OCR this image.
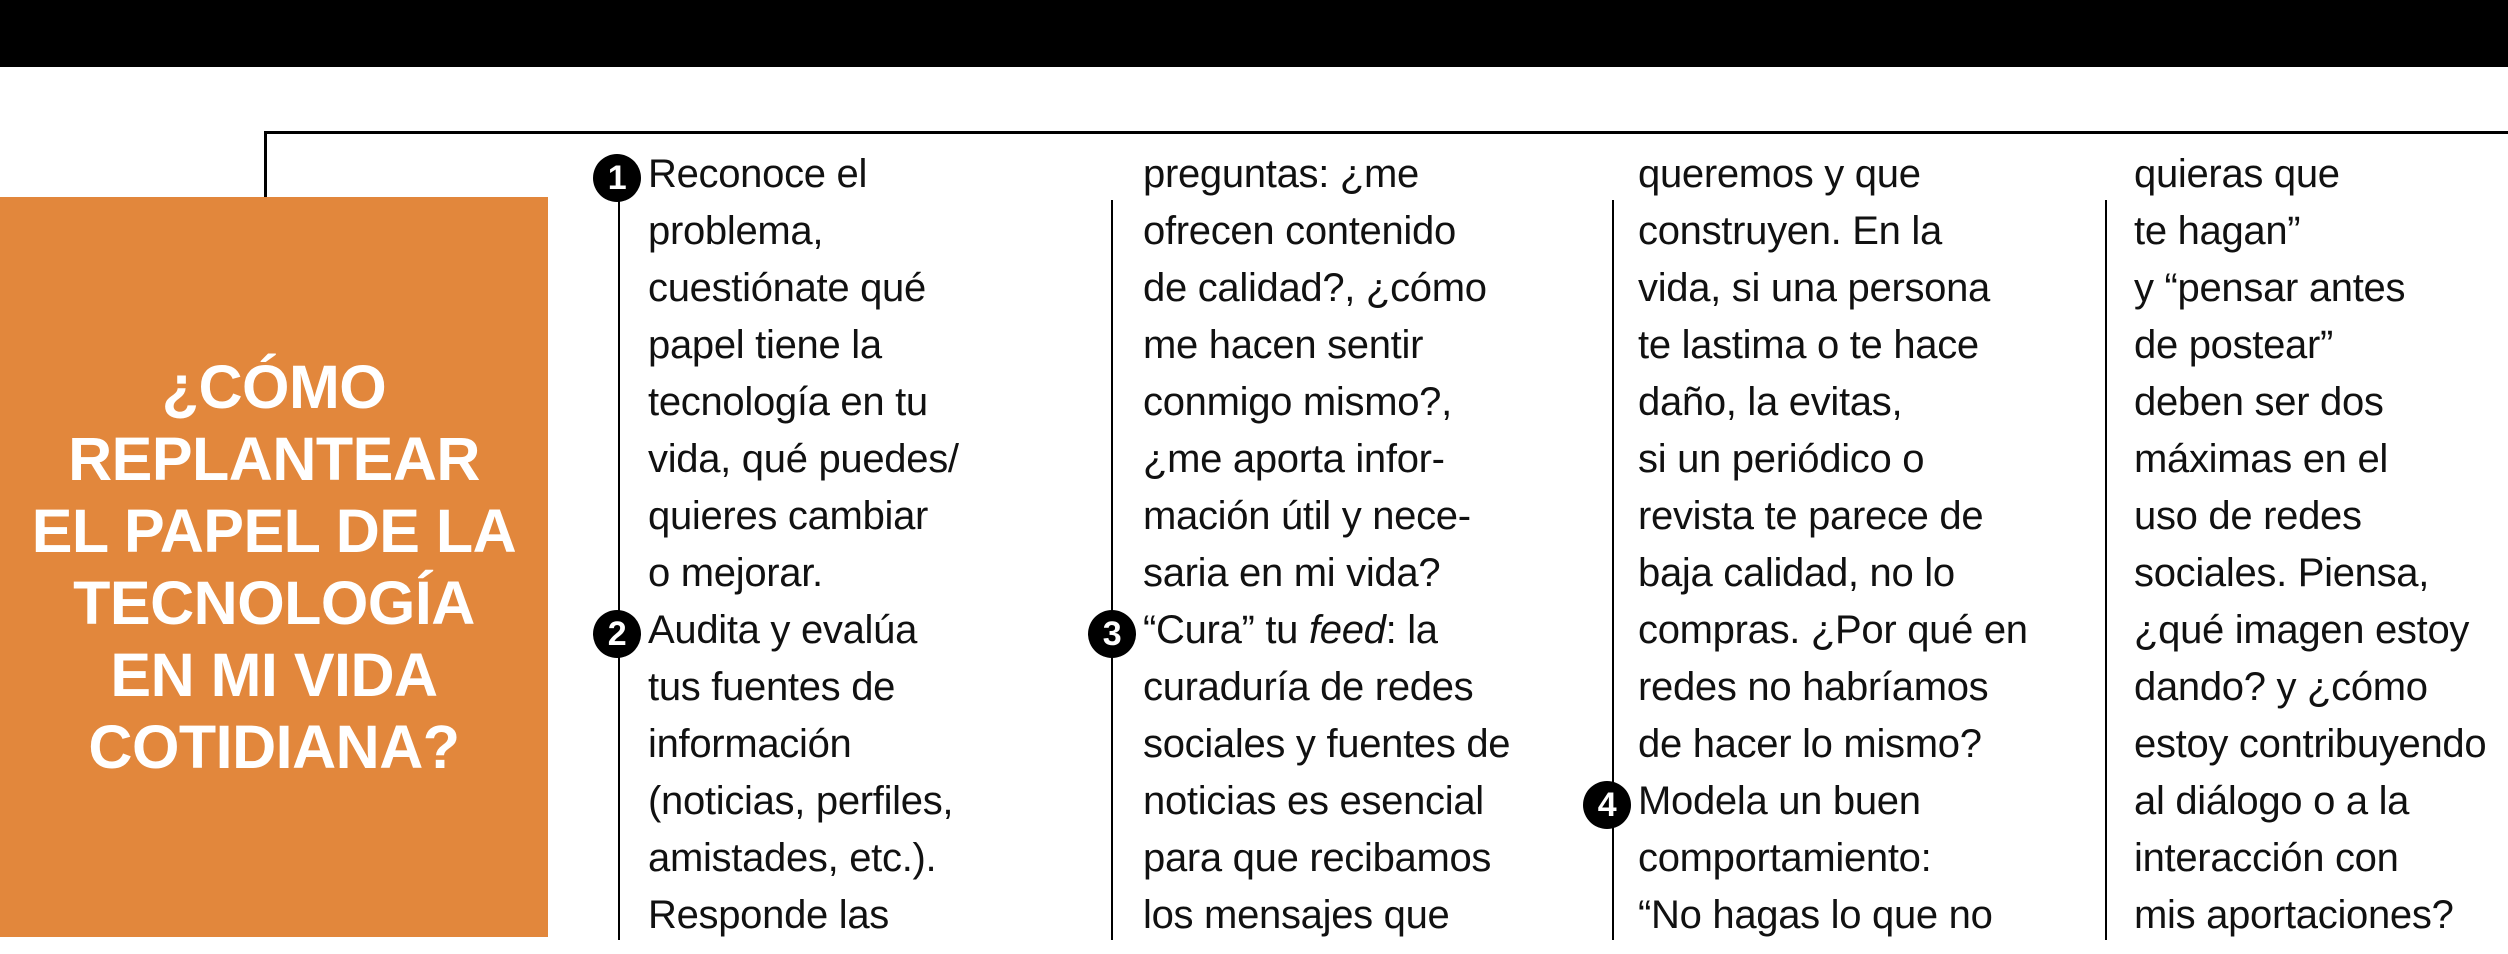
¿CÓMO
REPLANTEAR
EL PAPEL DE LA
TECNOLOGÍA
EN MI VIDA
COTIDIANA?
1 Reconoce el
problema,
cuestiónate qué
papel tiene la
tecnología en tu
vida, qué puedes/
quieres cambiar
o mejorar.
2 Audita y evalúa
tus fuentes de
información
(noticias, perfiles,
amistades, etc.).
Responde las
preguntas: ¿me
ofrecen contenido
de calidad?, ¿cómo
me hacen sentir
conmigo mismo?,
¿me aporta infor-
mación útil y nece-
saria en mi vida?
3 “Cura” tu feed: la
curaduría de redes
sociales y fuentes de
noticias es esencial
para que recibamos
los mensajes que
queremos y que
construyen. En la
vida, si una persona
te lastima o te hace
daño, la evitas,
si un periódico o
revista te parece de
baja calidad, no lo
compras. ¿Por qué en
redes no habríamos
de hacer lo mismo?
4 Modela un buen
comportamiento:
“No hagas lo que no
quieras que
te hagan”
y “pensar antes
de postear”
deben ser dos
máximas en el
uso de redes
sociales. Piensa,
¿qué imagen estoy
dando? y ¿cómo
estoy contribuyendo
al diálogo o a la
interacción con
mis aportaciones?
